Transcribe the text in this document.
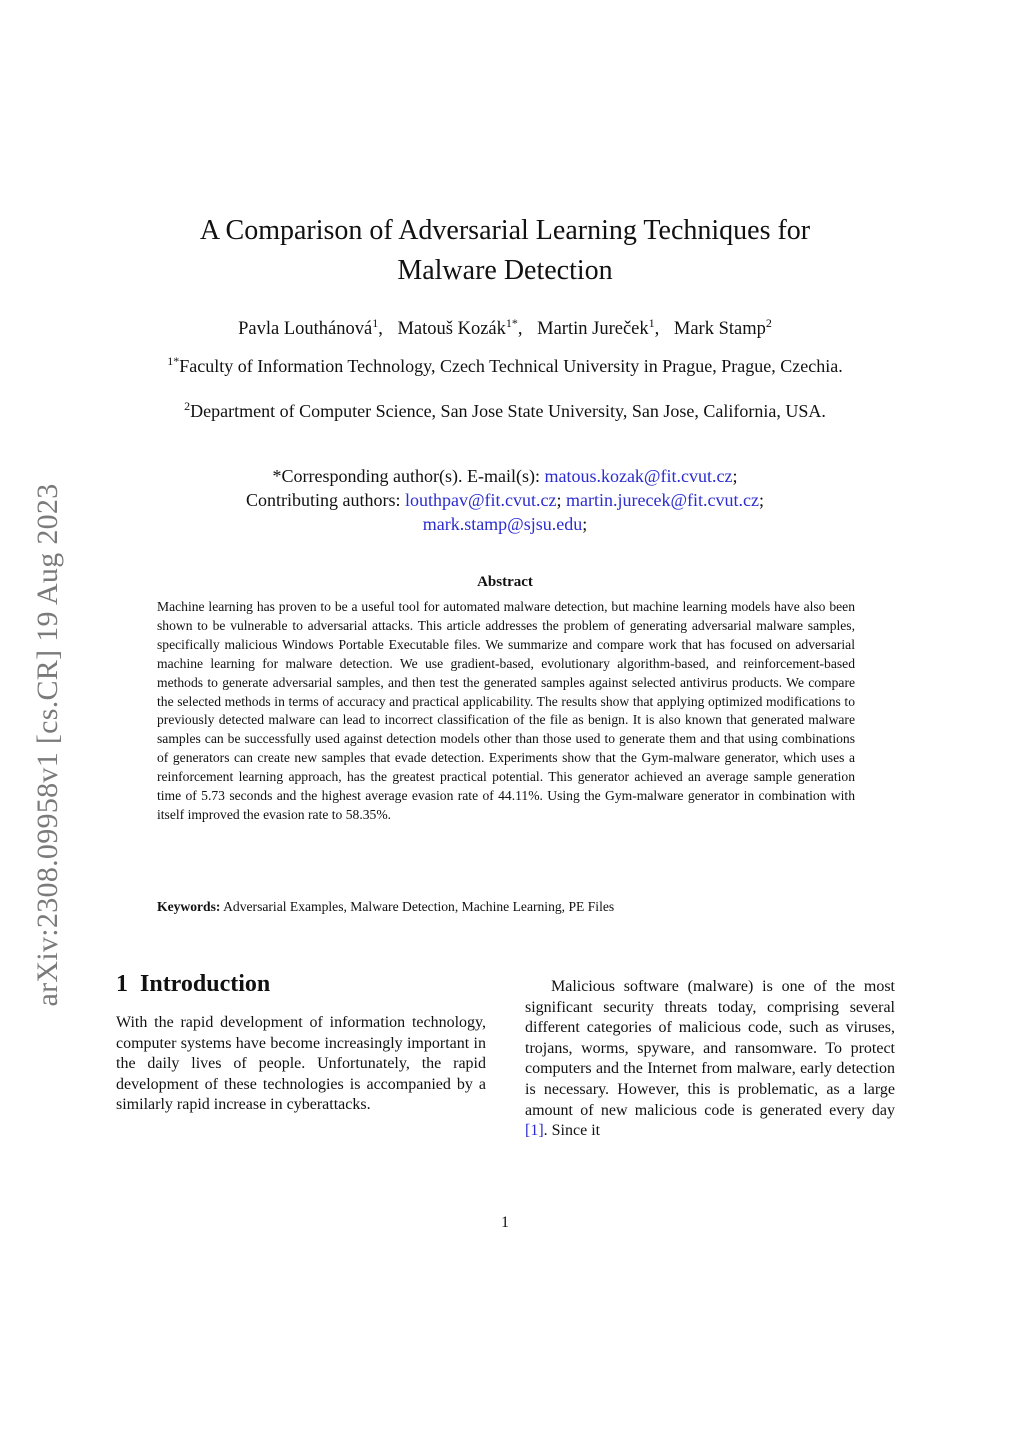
arXiv:2308.09958v1 [cs.CR] 19 Aug 2023
A Comparison of Adversarial Learning Techniques for
Malware Detection
Pavla Louthánová$^1$, Matouš Kozák$^{1*}$, Martin Jureček$^1$, Mark Stamp$^2$
$^{1*}$Faculty of Information Technology, Czech Technical University in Prague, Prague, Czechia.
$^2$Department of Computer Science, San Jose State University, San Jose, California, USA.
*Corresponding author(s). E-mail(s): matous.kozak@fit.cvut.cz;
Contributing authors: louthpav@fit.cvut.cz; martin.jurecek@fit.cvut.cz;
mark.stamp@sjsu.edu;
Abstract
Machine learning has proven to be a useful tool for automated malware detection, but machine learning models have also been shown to be vulnerable to adversarial attacks. This article addresses the problem of generating adversarial malware samples, specifically malicious Windows Portable Executable files. We summarize and compare work that has focused on adversarial machine learning for malware detection. We use gradient-based, evolutionary algorithm-based, and reinforcement-based methods to generate adversarial samples, and then test the generated samples against selected antivirus products. We compare the selected methods in terms of accuracy and practical applicability. The results show that applying optimized modifications to previously detected malware can lead to incorrect classification of the file as benign. It is also known that generated malware samples can be successfully used against detection models other than those used to generate them and that using combinations of generators can create new samples that evade detection. Experiments show that the Gym-malware generator, which uses a reinforcement learning approach, has the greatest practical potential. This generator achieved an average sample generation time of 5.73 seconds and the highest average evasion rate of 44.11%. Using the Gym-malware generator in combination with itself improved the evasion rate to 58.35%.
Keywords: Adversarial Examples, Malware Detection, Machine Learning, PE Files
1 Introduction
With the rapid development of information technology, computer systems have become increasingly important in the daily lives of people. Unfortunately, the rapid development of these technologies is accompanied by a similarly rapid increase in cyberattacks.
Malicious software (malware) is one of the most significant security threats today, comprising several different categories of malicious code, such as viruses, trojans, worms, spyware, and ransomware. To protect computers and the Internet from malware, early detection is necessary. However, this is problematic, as a large amount of new malicious code is generated every day [1]. Since it
1
